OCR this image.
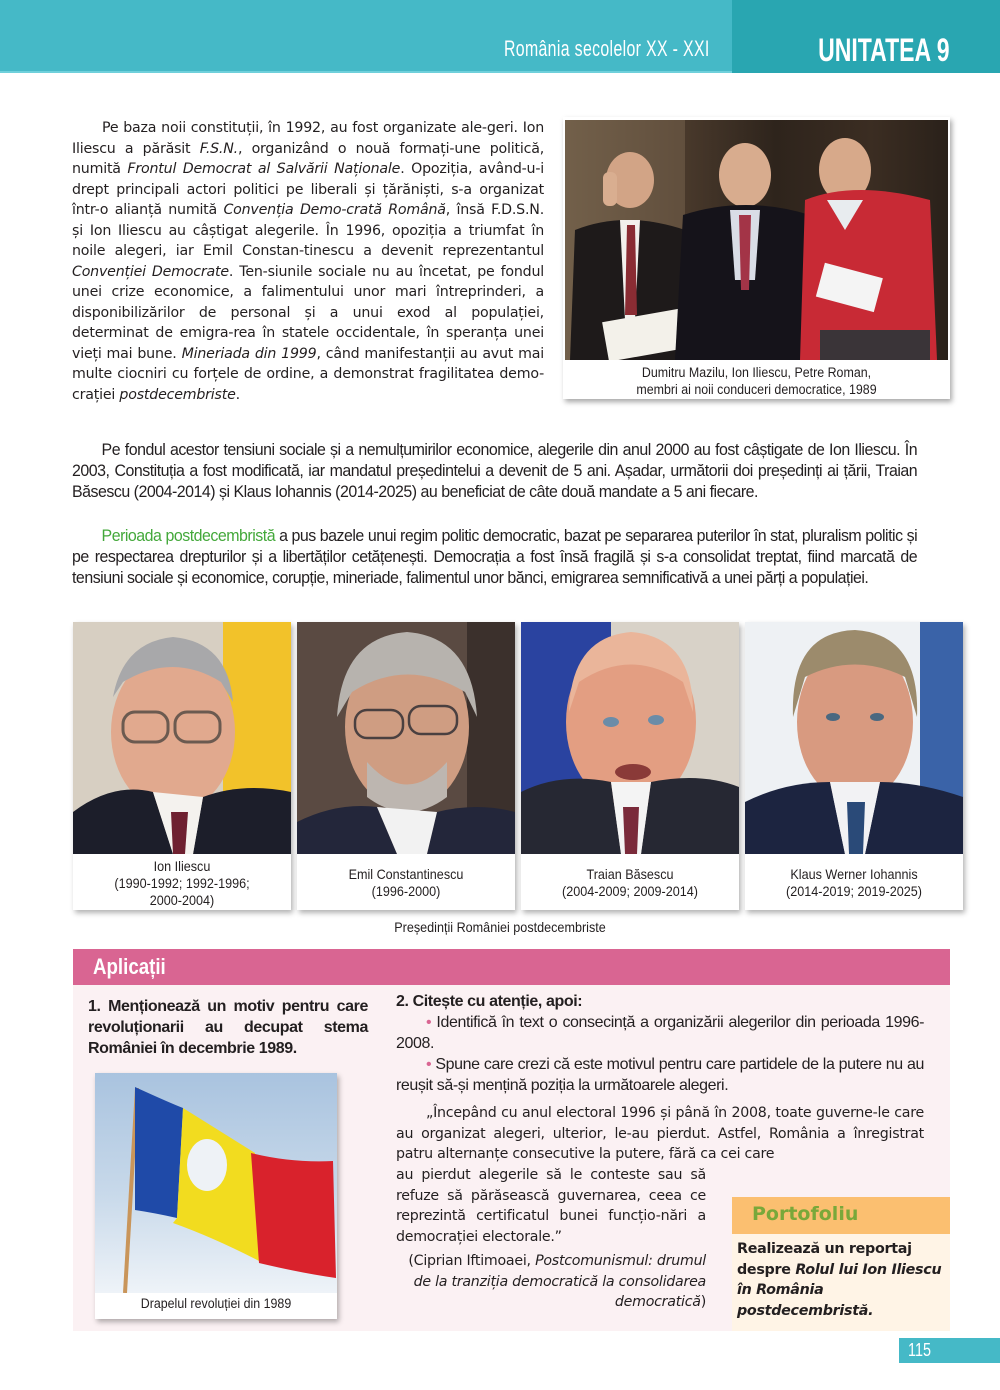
România secolelor XX - XXI	UNITATEA 9

Pe baza noii constituții, în 1992, au fost organizate ale-geri. Ion Iliescu a părăsit F.S.N., organizând o nouă formați-une politică, numită Frontul Democrat al Salvării Naționale. Opoziția, având-u-i drept principali actori politici pe liberali și țărăniști, s-a organizat într-o alianță numită Convenția Demo-crată Română, însă F.D.S.N. și Ion Iliescu au câștigat alegerile. În 1996, opoziția a triumfat în noile alegeri, iar Emil Constan-tinescu a devenit reprezentantul Convenției Democrate. Ten-siunile sociale nu au încetat, pe fondul unei crize economice, a falimentului unor mari întreprinderi, a disponibilizărilor de personal și a unui exod al populației, determinat de emigra-rea în statele occidentale, în speranța unei vieți mai bune. Mineriada din 1999, când manifestanții au avut mai multe ciocniri cu forțele de ordine, a demonstrat fragilitatea demo-crației postdecembriste.

Dumitru Mazilu, Ion Iliescu, Petre Roman,
membri ai noii conduceri democratice, 1989

Pe fondul acestor tensiuni sociale și a nemulțumirilor economice, alegerile din anul 2000 au fost câștigate de Ion Iliescu. În 2003, Constituția a fost modificată, iar mandatul președintelui a devenit de 5 ani. Așadar, următorii doi președinți ai țării, Traian Băsescu (2004-2014) și Klaus Iohannis (2014-2025) au beneficiat de câte două mandate a 5 ani fiecare.

Perioada postdecembristă a pus bazele unui regim politic democratic, bazat pe separarea puterilor în stat, pluralism politic și pe respectarea drepturilor și a libertăților cetățenești. Democrația a fost însă fragilă și s-a consolidat treptat, fiind marcată de tensiuni sociale și economice, corupție, mineriade, falimentul unor bănci, emigrarea semnificativă a unei părți a populației.

Ion Iliescu
(1990-1992; 1992-1996;
2000-2004)
Emil Constantinescu
(1996-2000)
Traian Băsescu
(2004-2009; 2009-2014)
Klaus Werner Iohannis
(2014-2019; 2019-2025)
Președinții României postdecembriste
Aplicații
1. Menționează un motiv pentru care revoluționarii au decupat stema României în decembrie 1989.
Drapelul revoluției din 1989
2. Citește cu atenție, apoi:
• Identifică în text o consecință a organizării alegerilor din perioada 1996-2008.
• Spune care crezi că este motivul pentru care partidele de la putere nu au reușit să-și mențină poziția la următoarele alegeri.
„Începând cu anul electoral 1996 și până în 2008, toate guverne-le care au organizat alegeri, ulterior, le-au pierdut. Astfel, România a înregistrat patru alternanțe consecutive la putere, fără ca cei care
au pierdut alegerile să le conteste sau să refuze să părăsească guvernarea, ceea ce reprezintă certificatul bunei funcțio-nări a democrației electorale.”
(Ciprian Iftimoaei, Postcomunismul: drumul de la tranziția democratică la consolidarea democratică)
Portofoliu
Realizează un reportaj despre Rolul lui Ion Iliescu în România postdecembristă.
115
